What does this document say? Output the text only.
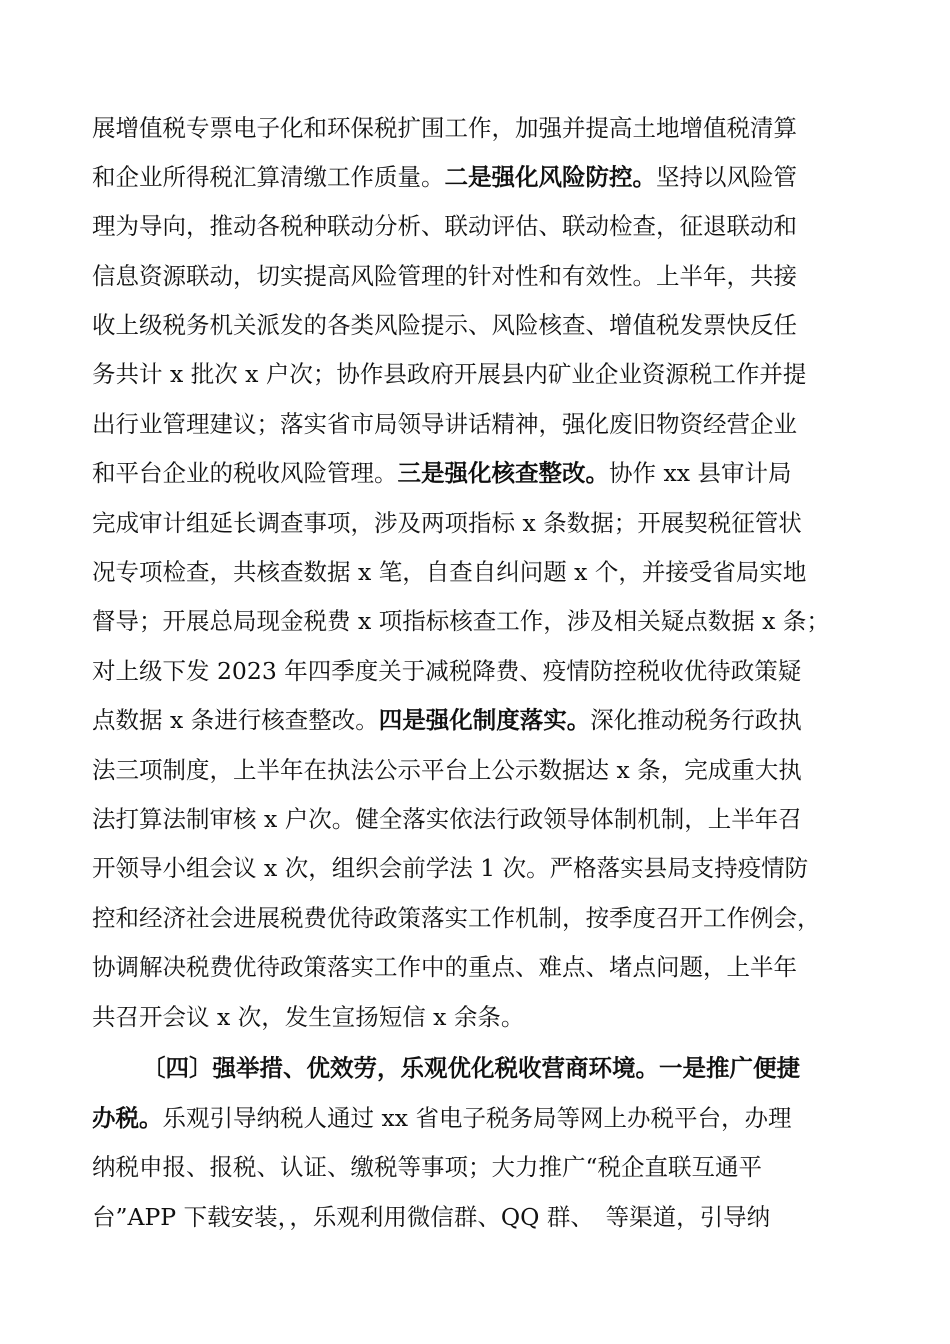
展增值税专票电子化和环保税扩围工作，加强并提高土地增值税清算
和企业所得税汇算清缴工作质量。二是强化风险防控。坚持以风险管
理为导向，推动各税种联动分析、联动评估、联动检查，征退联动和
信息资源联动，切实提高风险管理的针对性和有效性。上半年，共接
收上级税务机关派发的各类风险提示、风险核查、增值税发票快反任
务共计 x 批次 x 户次；协作县政府开展县内矿业企业资源税工作并提
出行业管理建议；落实省市局领导讲话精神，强化废旧物资经营企业
和平台企业的税收风险管理。三是强化核查整改。协作 xx 县审计局
完成审计组延长调查事项，涉及两项指标 x 条数据；开展契税征管状
况专项检查，共核查数据 x 笔，自查自纠问题 x 个，并接受省局实地
督导；开展总局现金税费 x 项指标核查工作，涉及相关疑点数据 x 条；
对上级下发 2023 年四季度关于减税降费、疫情防控税收优待政策疑
点数据 x 条进行核查整改。四是强化制度落实。深化推动税务行政执
法三项制度，上半年在执法公示平台上公示数据达 x 条，完成重大执
法打算法制审核 x 户次。健全落实依法行政领导体制机制，上半年召
开领导小组会议 x 次，组织会前学法 1 次。严格落实县局支持疫情防
控和经济社会进展税费优待政策落实工作机制，按季度召开工作例会，
协调解决税费优待政策落实工作中的重点、难点、堵点问题，上半年
共召开会议 x 次，发生宣扬短信 x 余条。
〔四〕强举措、优效劳，乐观优化税收营商环境。一是推广便捷
办税。乐观引导纳税人通过 xx 省电子税务局等网上办税平台，办理
纳税申报、报税、认证、缴税等事项；大力推广“税企直联互通平
台”APP 下载安装，，乐观利用微信群、QQ 群、　等渠道，引导纳
